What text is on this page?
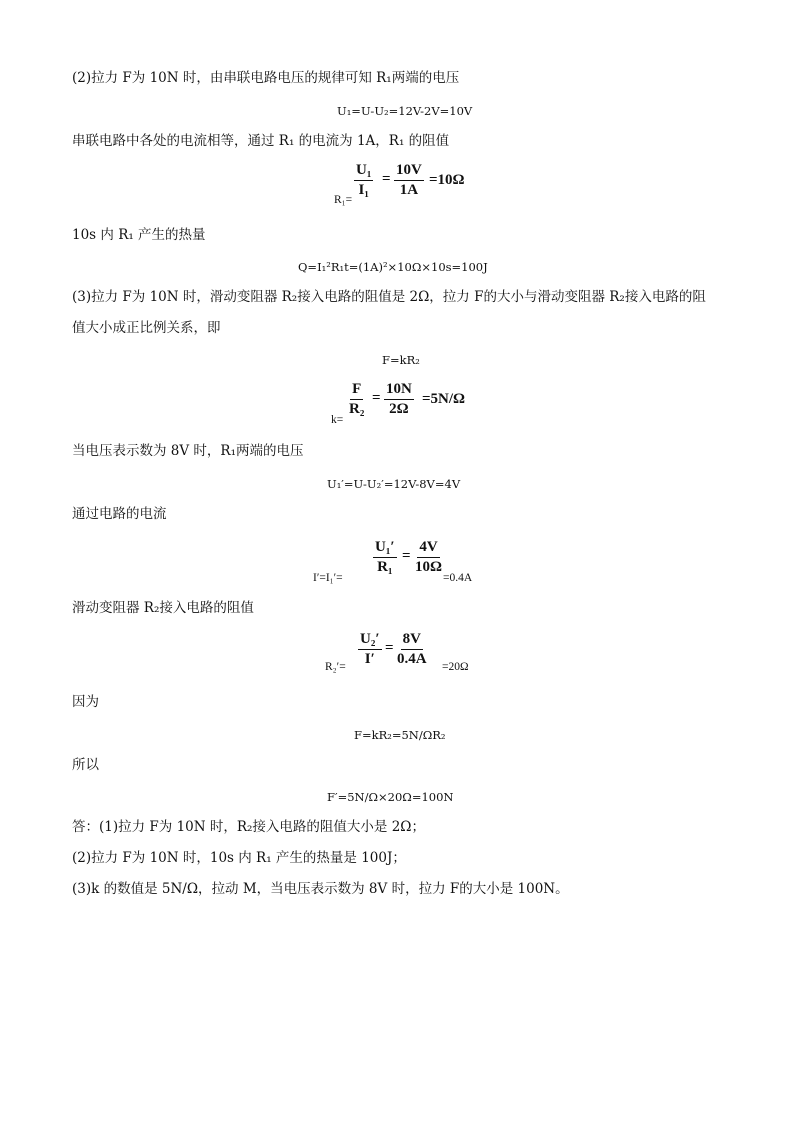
(2)拉力 F为 10N 时，由串联电路电压的规律可知 R₁两端的电压
U₁=U-U₂=12V-2V=10V
串联电路中各处的电流相等，通过 R₁ 的电流为 1A，R₁ 的阻值
R₁=
$\frac{\text{U₁}}{\text{I₁}} = \frac{10V}{1A} =10\Omega$
10s 内 R₁ 产生的热量
Q=I₁²R₁t=(1A)²×10Ω×10s=100J
(3)拉力 F为 10N 时，滑动变阻器 R₂接入电路的阻值是 2Ω，拉力 F的大小与滑动变阻器 R₂接入电路的阻
值大小成正比例关系，即
F=kR₂
k=
$\frac{F}{\text{R₂}} = \frac{10N}{2\Omega} =5N/\Omega$
当电压表示数为 8V 时，R₁两端的电压
U₁′=U-U₂′=12V-8V=4V
通过电路的电流
I′=I₁′=
$\frac{\text{U₁′}}{\text{R₁}} = \frac{4V}{10\Omega}$
=0.4A
滑动变阻器 R₂接入电路的阻值
$R_2'= \frac{\text{U₂′}}{I'} = \frac{8V}{0.4A} =20\Omega$
因为
F=kR₂=5N/ΩR₂
所以
F′=5N/Ω×20Ω=100N
答：(1)拉力 F为 10N 时，R₂接入电路的阻值大小是 2Ω；
(2)拉力 F为 10N 时，10s 内 R₁ 产生的热量是 100J；
(3)k 的数值是 5N/Ω，拉动 M，当电压表示数为 8V 时，拉力 F的大小是 100N。
